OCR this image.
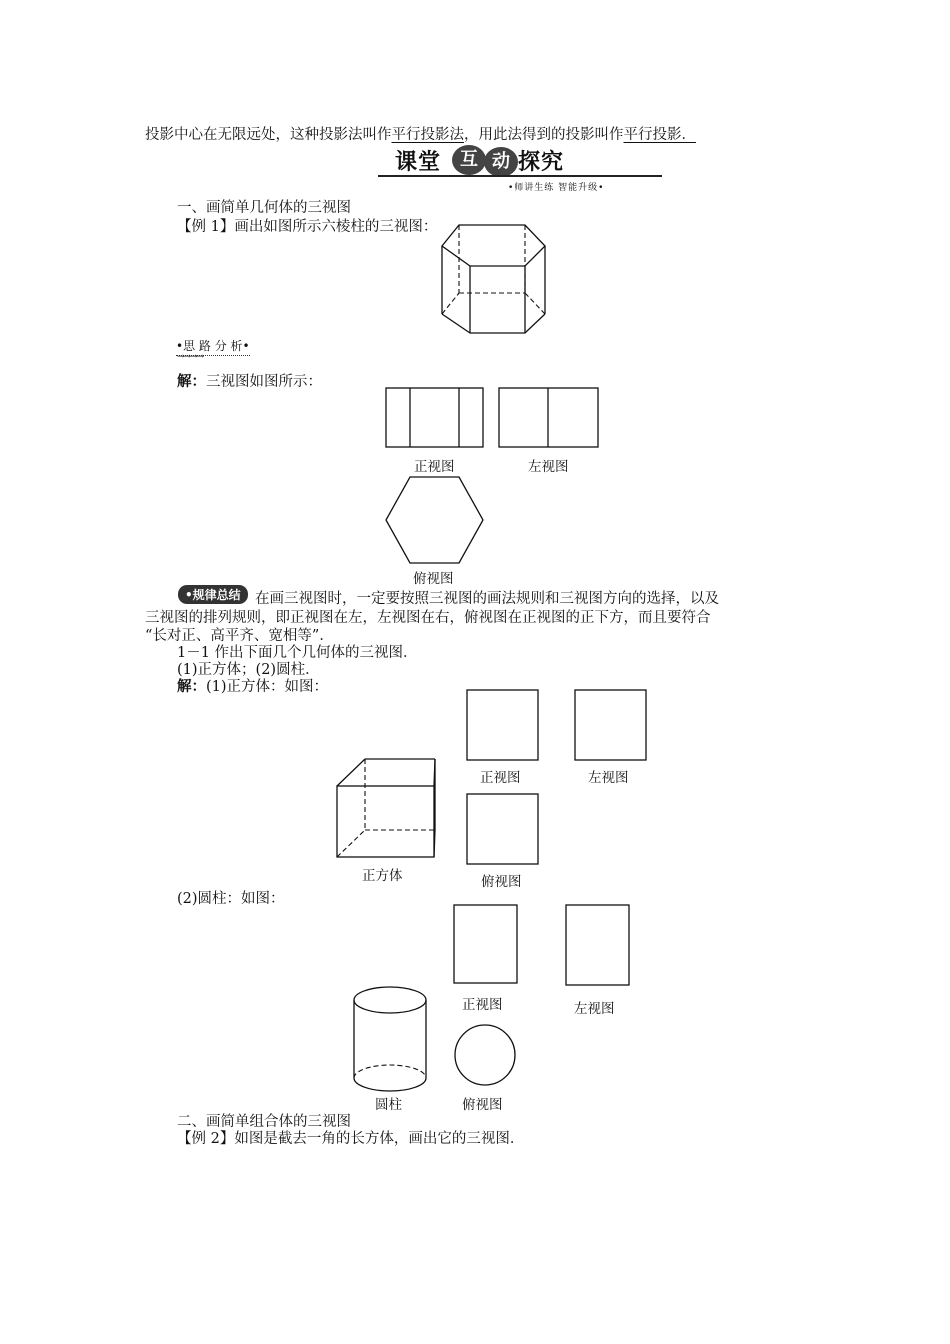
投影中心在无限远处，这种投影法叫作平行投影法，用此法得到的投影叫作平行投影．
课堂	互 动 探究
•师讲生练 智能升级•
一、画简单几何体的三视图
【例 1】画出如图所示六棱柱的三视图：
•思 路 分 析•
→→→→
解：三视图如图所示：
正视图	左视图
俯视图
•规律总结 在画三视图时，一定要按照三视图的画法规则和三视图方向的选择，以及
三视图的排列规则，即正视图在左，左视图在右，俯视图在正视图的正下方，而且要符合
“长对正、高平齐、宽相等”．
1－1 作出下面几个几何体的三视图．
(1)正方体；(2)圆柱．
解：(1)正方体：如图：
正视图	左视图
俯视图
正方体
(2)圆柱：如图：
正视图	左视图
俯视图
圆柱
二、画简单组合体的三视图
【例 2】如图是截去一角的长方体，画出它的三视图．
